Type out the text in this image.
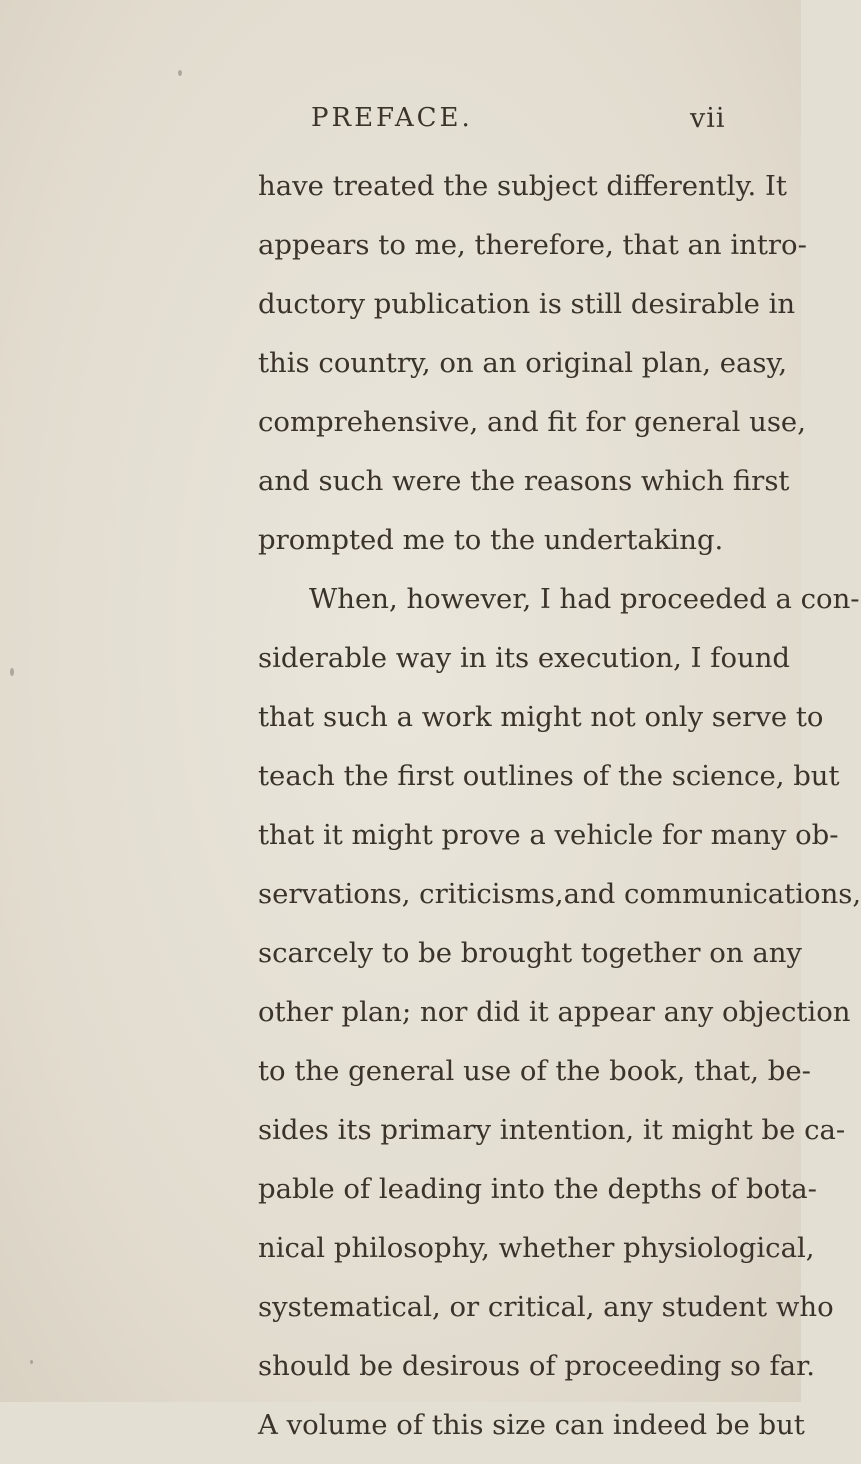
PREFACE.	vii
have treated the subject differently. It
appears to me, therefore, that an intro-
ductory publication is still desirable in
this country, on an original plan, easy,
comprehensive, and fit for general use,
and such were the reasons which first
prompted me to the undertaking.
When, however, I had proceeded a con-
siderable way in its execution, I found
that such a work might not only serve to
teach the first outlines of the science, but
that it might prove a vehicle for many ob-
servations, criticisms,and communications,
scarcely to be brought together on any
other plan; nor did it appear any objection
to the general use of the book, that, be-
sides its primary intention, it might be ca-
pable of leading into the depths of bota-
nical philosophy, whether physiological,
systematical, or critical, any student who
should be desirous of proceeding so far.
A volume of this size can indeed be but
